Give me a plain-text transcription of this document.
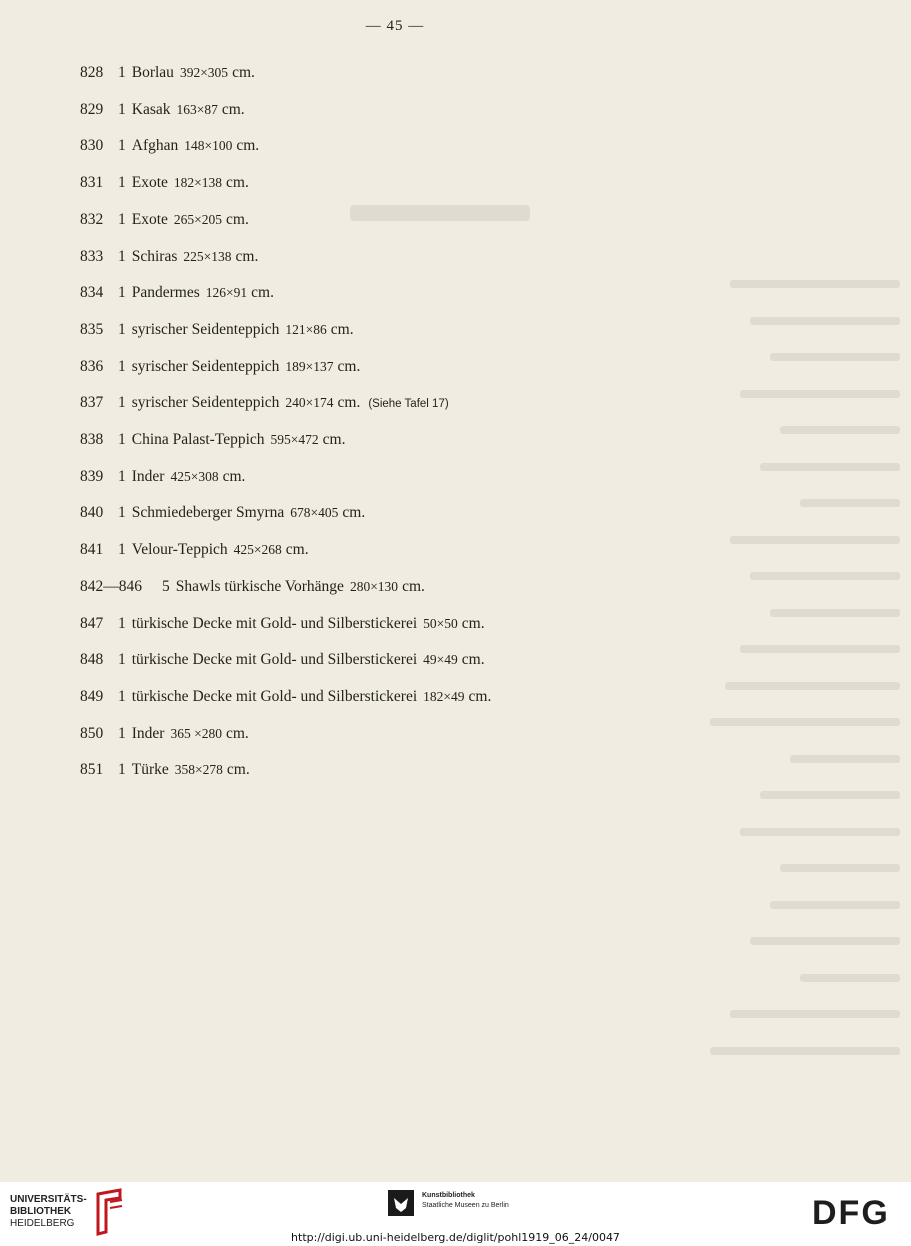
— 45 —
828 1 Borlau 392×305 cm.
829 1 Kasak 163×87 cm.
830 1 Afghan 148×100 cm.
831 1 Exote 182×138 cm.
832 1 Exote 265×205 cm.
833 1 Schiras 225×138 cm.
834 1 Pandermes 126×91 cm.
835 1 syrischer Seidenteppich 121×86 cm.
836 1 syrischer Seidenteppich 189×137 cm.
837 1 syrischer Seidenteppich 240×174 cm. (Siehe Tafel 17)
838 1 China Palast-Teppich 595×472 cm.
839 1 Inder 425×308 cm.
840 1 Schmiedeberger Smyrna 678×405 cm.
841 1 Velour-Teppich 425×268 cm.
842—846 5 Shawls türkische Vorhänge 280×130 cm.
847 1 türkische Decke mit Gold- und Silberstickerei 50×50 cm.
848 1 türkische Decke mit Gold- und Silberstickerei 49×49 cm.
849 1 türkische Decke mit Gold- und Silberstickerei 182×49 cm.
850 1 Inder 365 ×280 cm.
851 1 Türke 358×278 cm.
UNIVERSITÄTS-
BIBLIOTHEK
HEIDELBERG
Kunstbibliothek
Staatliche Museen zu Berlin	DFG
http://digi.ub.uni-heidelberg.de/diglit/pohl1919_06_24/0047
